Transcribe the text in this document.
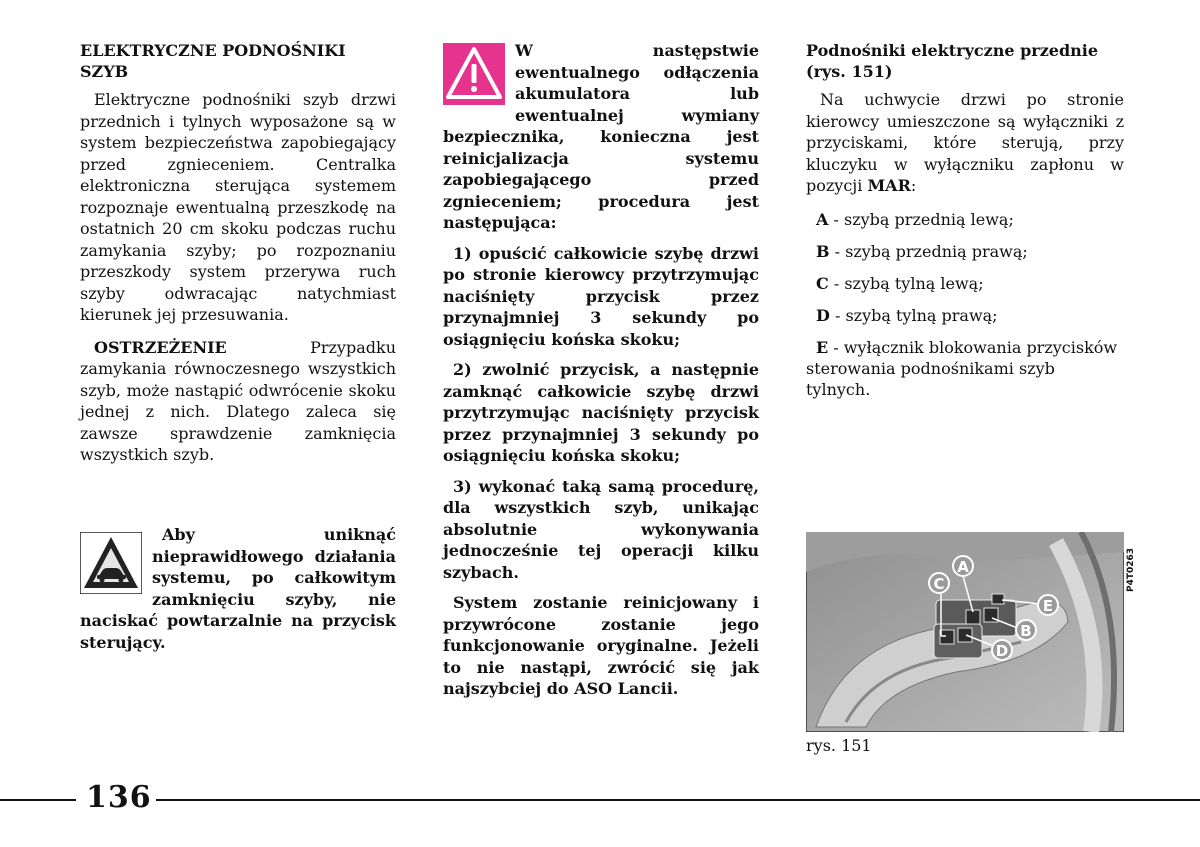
ELEKTRYCZNE PODNOŚNIKI SZYB

Elektryczne podnośniki szyb drzwi przednich i tylnych wyposażone są w system bezpieczeństwa zapobiegający przed zgnieceniem. Centralka elektroniczna sterująca systemem rozpoznaje ewentualną przeszkodę na ostatnich 20 cm skoku podczas ruchu zamykania szyby; po rozpoznaniu przeszkody system przerywa ruch szyby odwracając natychmiast kierunek jej przesuwania.

OSTRZEŻENIE Przypadku zamykania równoczesnego wszystkich szyb, może nastąpić odwrócenie skoku jednej z nich. Dlatego zaleca się zawsze sprawdzenie zamknięcia wszystkich szyb.

Aby uniknąć nieprawidłowego działania systemu, po całkowitym zamknięciu szyby, nie naciskać powtarzalnie na przycisk sterujący.

W następstwie ewentualnego odłączenia akumulatora lub ewentualnej wymiany bezpiecznika, konieczna jest reinicjalizacja systemu zapobiegającego przed zgnieceniem; procedura jest następująca:

1) opuścić całkowicie szybę drzwi po stronie kierowcy przytrzymując naciśnięty przycisk przez przynajmniej 3 sekundy po osiągnięciu końska skoku;

2) zwolnić przycisk, a następnie zamknąć całkowicie szybę drzwi przytrzymując naciśnięty przycisk przez przynajmniej 3 sekundy po osiągnięciu końska skoku;

3) wykonać taką samą procedurę, dla wszystkich szyb, unikając absolutnie wykonywania jednocześnie tej operacji kilku szybach.

System zostanie reinicjowany i przywrócone zostanie jego funkcjonowanie oryginalne. Jeżeli to nie nastąpi, zwrócić się jak najszybciej do ASO Lancii.

Podnośniki elektryczne przednie (rys. 151)

Na uchwycie drzwi po stronie kierowcy umieszczone są wyłączniki z przyciskami, które sterują, przy kluczyku w wyłączniku zapłonu w pozycji MAR:

A - szybą przednią lewą;
B - szybą przednią prawą;
C - szybą tylną lewą;
D - szybą tylną prawą;
E - wyłącznik blokowania przycisków sterowania podnośnikami szyb tylnych.
A
C
E
B
D
P4T0263
rys. 151
136
